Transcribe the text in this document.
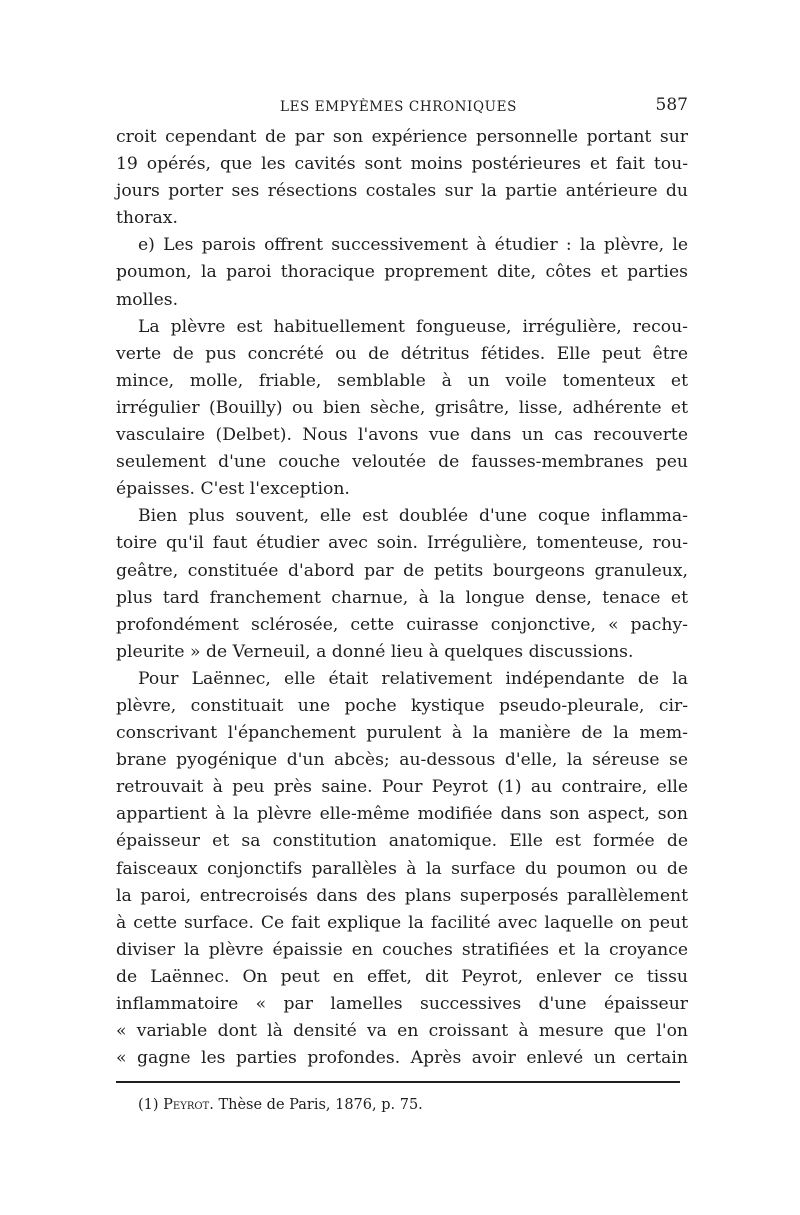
LES EMPYÈMES CHRONIQUES	587
croit cependant de par son expérience personnelle portant sur
19 opérés, que les cavités sont moins postérieures et fait tou-
jours porter ses résections costales sur la partie antérieure du
thorax.
e) Les parois offrent successivement à étudier : la plèvre, le
poumon, la paroi thoracique proprement dite, côtes et parties
molles.
La plèvre est habituellement fongueuse, irrégulière, recou-
verte de pus concrété ou de détritus fétides. Elle peut être
mince, molle, friable, semblable à un voile tomenteux et
irrégulier (Bouilly) ou bien sèche, grisâtre, lisse, adhérente et
vasculaire (Delbet). Nous l'avons vue dans un cas recouverte
seulement d'une couche veloutée de fausses-membranes peu
épaisses. C'est l'exception.
Bien plus souvent, elle est doublée d'une coque inflamma-
toire qu'il faut étudier avec soin. Irrégulière, tomenteuse, rou-
geâtre, constituée d'abord par de petits bourgeons granuleux,
plus tard franchement charnue, à la longue dense, tenace et
profondément sclérosée, cette cuirasse conjonctive, « pachy-
pleurite » de Verneuil, a donné lieu à quelques discussions.
Pour Laënnec, elle était relativement indépendante de la
plèvre, constituait une poche kystique pseudo-pleurale, cir-
conscrivant l'épanchement purulent à la manière de la mem-
brane pyogénique d'un abcès; au-dessous d'elle, la séreuse se
retrouvait à peu près saine. Pour Peyrot (1) au contraire, elle
appartient à la plèvre elle-même modifiée dans son aspect, son
épaisseur et sa constitution anatomique. Elle est formée de
faisceaux conjonctifs parallèles à la surface du poumon ou de
la paroi, entrecroisés dans des plans superposés parallèlement
à cette surface. Ce fait explique la facilité avec laquelle on peut
diviser la plèvre épaissie en couches stratifiées et la croyance
de Laënnec. On peut en effet, dit Peyrot, enlever ce tissu
inflammatoire « par lamelles successives d'une épaisseur
« variable dont là densité va en croissant à mesure que l'on
« gagne les parties profondes. Après avoir enlevé un certain
(1) Peyrot. Thèse de Paris, 1876, p. 75.
